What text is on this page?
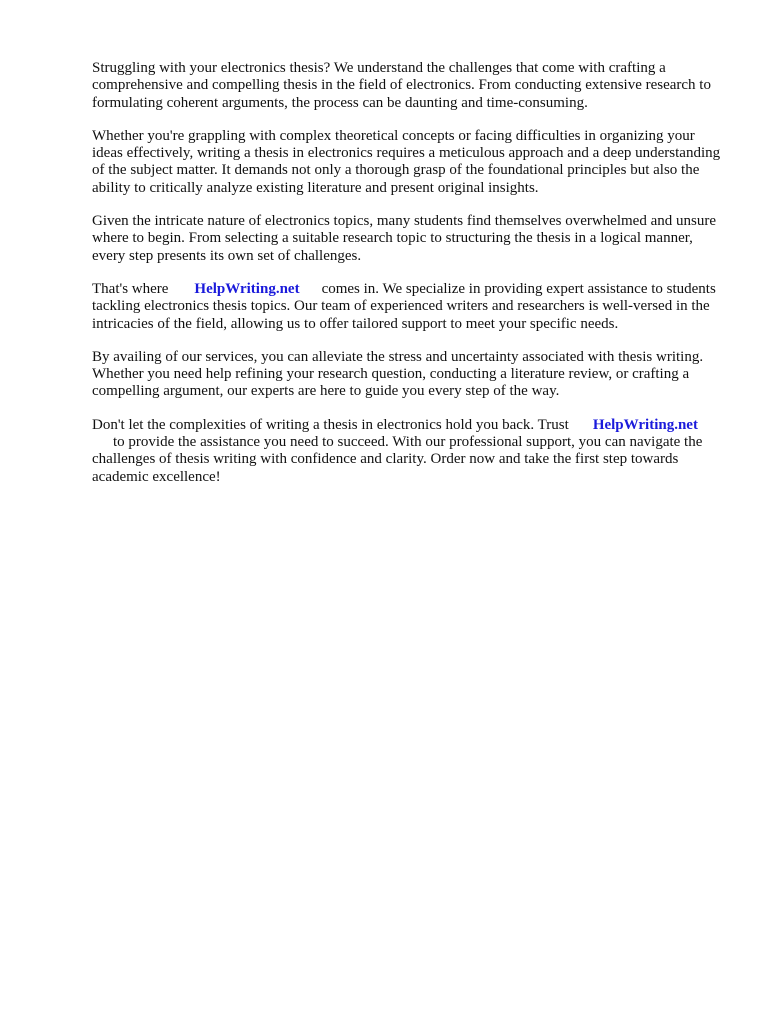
Struggling with your electronics thesis? We understand the challenges that come with crafting a comprehensive and compelling thesis in the field of electronics. From conducting extensive research to formulating coherent arguments, the process can be daunting and time-consuming.

Whether you're grappling with complex theoretical concepts or facing difficulties in organizing your ideas effectively, writing a thesis in electronics requires a meticulous approach and a deep understanding of the subject matter. It demands not only a thorough grasp of the foundational principles but also the ability to critically analyze existing literature and present original insights.

Given the intricate nature of electronics topics, many students find themselves overwhelmed and unsure where to begin. From selecting a suitable research topic to structuring the thesis in a logical manner, every step presents its own set of challenges.

That's where HelpWriting.net comes in. We specialize in providing expert assistance to students tackling electronics thesis topics. Our team of experienced writers and researchers is well-versed in the intricacies of the field, allowing us to offer tailored support to meet your specific needs.

By availing of our services, you can alleviate the stress and uncertainty associated with thesis writing. Whether you need help refining your research question, conducting a literature review, or crafting a compelling argument, our experts are here to guide you every step of the way.

Don't let the complexities of writing a thesis in electronics hold you back. Trust HelpWriting.net
to provide the assistance you need to succeed. With our professional support, you can navigate the challenges of thesis writing with confidence and clarity. Order now and take the first step towards academic excellence!
